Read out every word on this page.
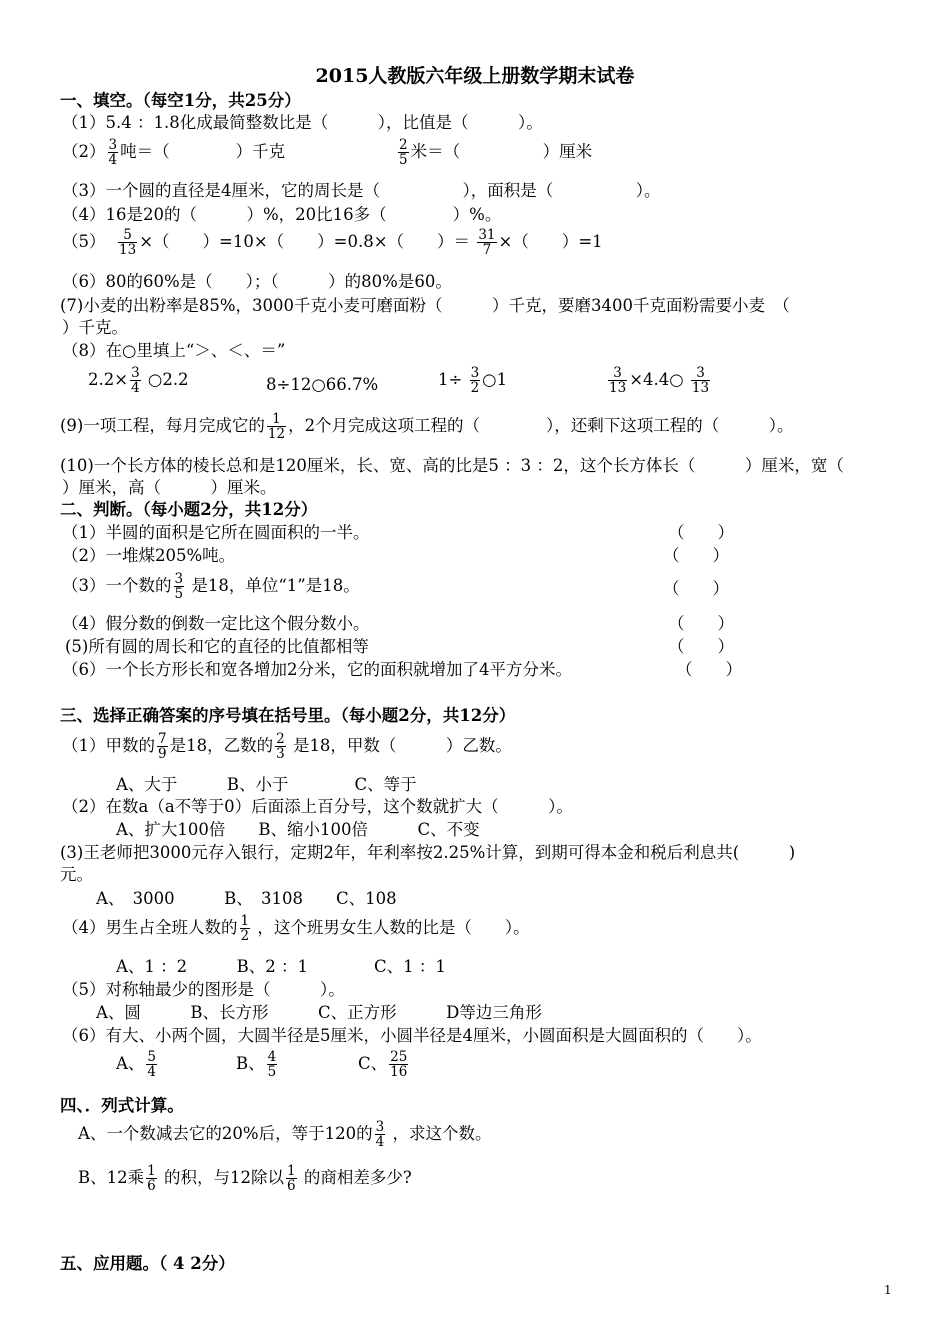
2015人教版六年级上册数学期末试卷
一、填空。（每空1分，共25分）
（1）5.4 ：1.8化成最简整数比是（　　　），比值是（　　　）。
$(2) \frac{3}{4}$ 吨＝（　　　　）千克	$\frac{2}{5}$ 米＝（　　　　　）厘米
（3）一个圆的直径是4厘米，它的周长是（　　　　　），面积是（　　　　　）。
（4）16是20的（　　　）%，20比16多（　　　　）%。
$(5) \frac{5}{13}$ ×（　　）=10×（　　）=0.8×（　　）＝ $\frac{31}{7}$ ×（　　）=1
（6）80的60%是（　　）；（　　　）的80%是60。
(7)小麦的出粉率是85%，3000千克小麦可磨面粉（　　　）千克，要磨3400千克面粉需要小麦　（
）千克。
（8）在○里填上“＞、＜、＝”
$2.2\times \frac{3}{4}$ ○2.2	8÷12○66.7%	$1\div \frac{3}{2}$ ○1	$\frac{3}{13}$ ×4.4○ $\frac{3}{13}$
(9)一项工程，每月完成它的 $\frac{1}{12}$ ，2个月完成这项工程的（　　　　），还剩下这项工程的（　　　）。
(10)一个长方体的棱长总和是120厘米，长、宽、高的比是5 ：3 ：2，这个长方体长（　　　）厘米，宽（
）厘米，高（　　　）厘米。
二、判断。（每小题2分，共12分）
（1）半圆的面积是它所在圆面积的一半。	（　　）
（2）一堆煤205%吨。	（　　）
（3）一个数的 $\frac{3}{5}$ 是18，单位“1”是18。	（　　）
（4）假分数的倒数一定比这个假分数小。	（　　）
(5)所有圆的周长和它的直径的比值都相等	（　　）
（6）一个长方形长和宽各增加2分米，它的面积就增加了4平方分米。	（　　）
三、选择正确答案的序号填在括号里。（每小题2分，共12分）
（1）甲数的 $\frac{7}{9}$ 是18，乙数的 $\frac{2}{3}$ 是18，甲数（　　　）乙数。
A、大于　　　B、小于　　　　C、等于
（2）在数a（a不等于0）后面添上百分号，这个数就扩大（　　　）。
A、扩大100倍　　B、缩小100倍　　　C、不变
(3)王老师把3000元存入银行，定期2年，年利率按2.25%计算，到期可得本金和税后利息共(　　　)
元。
A、　3000　　　B、　3108　　C、108
（4）男生占全班人数的 $\frac{1}{2}$ ，这个班男女生人数的比是（　　）。
A、1 ：2　　　B、2 ：1　　　　C、1 ：1
（5）对称轴最少的图形是（　　　）。
A、圆　　　B、长方形　　　C、正方形　　　D等边三角形
（6）有大、小两个圆，大圆半径是5厘米，小圆半径是4厘米，小圆面积是大圆面积的（　　）。
A、 $\frac{5}{4}$	B、 $\frac{4}{5}$	C、 $\frac{25}{16}$
四、．列式计算。
A、一个数减去它的20%后，等于120的 $\frac{3}{4}$ ，求这个数。
B、12乘 $\frac{1}{6}$ 的积，与12除以 $\frac{1}{6}$ 的商相差多少?
五、应用题。（ 4 2分）
1
